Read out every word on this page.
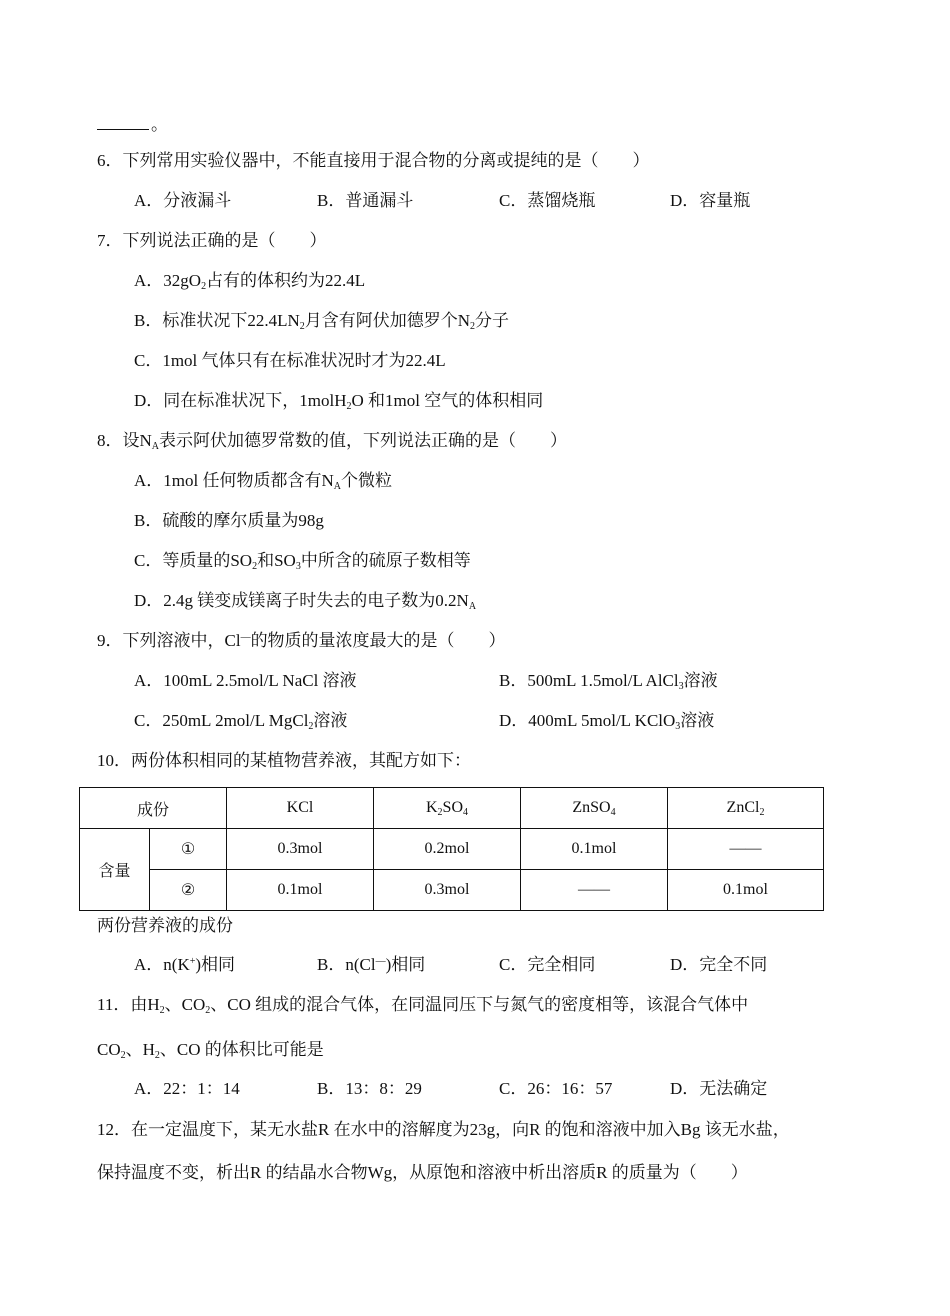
。
6．下列常用实验仪器中，不能直接用于混合物的分离或提纯的是（　　）
A．分液漏斗	B．普通漏斗	C．蒸馏烧瓶	D．容量瓶
7．下列说法正确的是（　　）
A．$32gO_2$占有的体积约为22.4L
B．标准状况下$22.4LN_2$月含有阿伏加德罗个$N_2$分子
C．1mol 气体只有在标准状况时才为22.4L
D．同在标准状况下，1molH$_2$O 和1mol 空气的体积相同
8．设$N_A$表示阿伏加德罗常数的值，下列说法正确的是（　　）
A．1mol 任何物质都含有$N_A$个微粒
B．硫酸的摩尔质量为98g
C．等质量的$SO_2$和$SO_3$中所含的硫原子数相等
D．2.4g 镁变成镁离子时失去的电子数为$0.2N_A$
9．下列溶液中，Cl—的物质的量浓度最大的是（　　）
A．100mL 2.5mol/L NaCl 溶液	B．500mL 1.5mol/L AlCl$_3$溶液
C．250mL 2mol/L MgCl$_2$溶液	D．400mL 5mol/L KClO$_3$溶液
10．两份体积相同的某植物营养液，其配方如下：
成份		KCl	$K_2SO_4$	ZnSO$_4$	ZnCl$_2$
含量	①	0.3mol	0.2mol	0.1mol	——
	②	0.1mol	0.3mol	——	0.1mol
两份营养液的成份
A．n(K+)相同	B．n(Cl—)相同	C．完全相同	D．完全不同
11．由$H_2$、$CO_2$、CO 组成的混合气体，在同温同压下与氮气的密度相等，该混合气体中
$CO_2$、$H_2$、CO 的体积比可能是
A．22：1：14	B．13：8：29	C．26：16：57	D．无法确定
12．在一定温度下，某无水盐R 在水中的溶解度为23g，向R 的饱和溶液中加入Bg 该无水盐，
保持温度不变，析出R 的结晶水合物Wg，从原饱和溶液中析出溶质R 的质量为（　　）
